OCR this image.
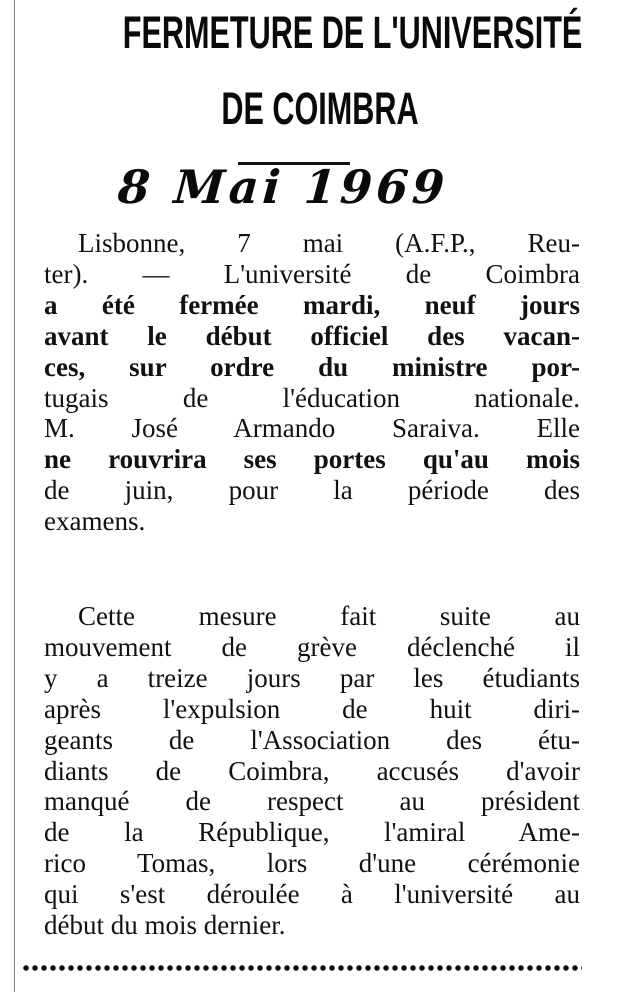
FERMETURE DE L'UNIVERSITÉ
DE COIMBRA
8 Mai 1969
Lisbonne, 7 mai (A.F.P., Reu-
ter). — L'université de Coimbra
a été fermée mardi, neuf jours
avant le début officiel des vacan-
ces, sur ordre du ministre por-
tugais de l'éducation nationale.
M. José Armando Saraiva. Elle
ne rouvrira ses portes qu'au mois
de juin, pour la période des
examens.
Cette mesure fait suite au
mouvement de grève déclenché il
y a treize jours par les étudiants
après l'expulsion de huit diri-
geants de l'Association des étu-
diants de Coimbra, accusés d'avoir
manqué de respect au président
de la République, l'amiral Ame-
rico Tomas, lors d'une cérémonie
qui s'est déroulée à l'université au
début du mois dernier.
